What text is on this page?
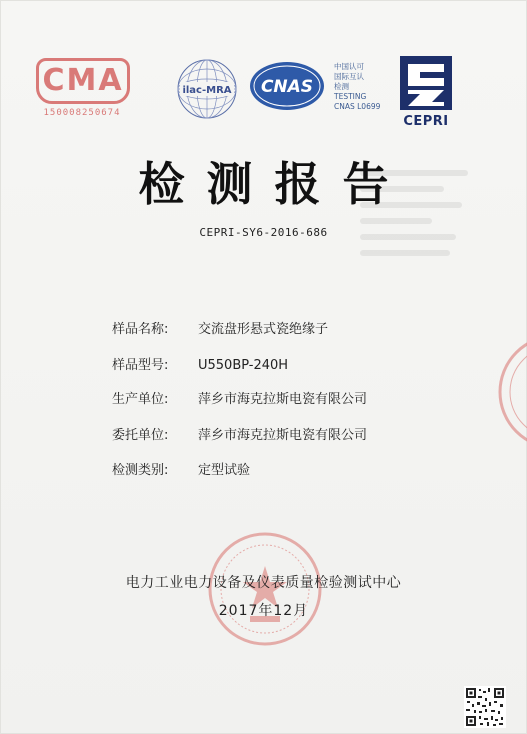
CMA
150008250674
ilac-MRA CNAS
中国认可
国际互认
检测
TESTING
CNAS L0699
CEPRI
检测报告
CEPRI-SY6-2016-686
样品名称: 交流盘形悬式瓷绝缘子
样品型号: U550BP-240H
生产单位: 萍乡市海克拉斯电瓷有限公司
委托单位: 萍乡市海克拉斯电瓷有限公司
检测类别: 定型试验
电力工业电力设备及仪表质量检验测试中心
2017年12月
